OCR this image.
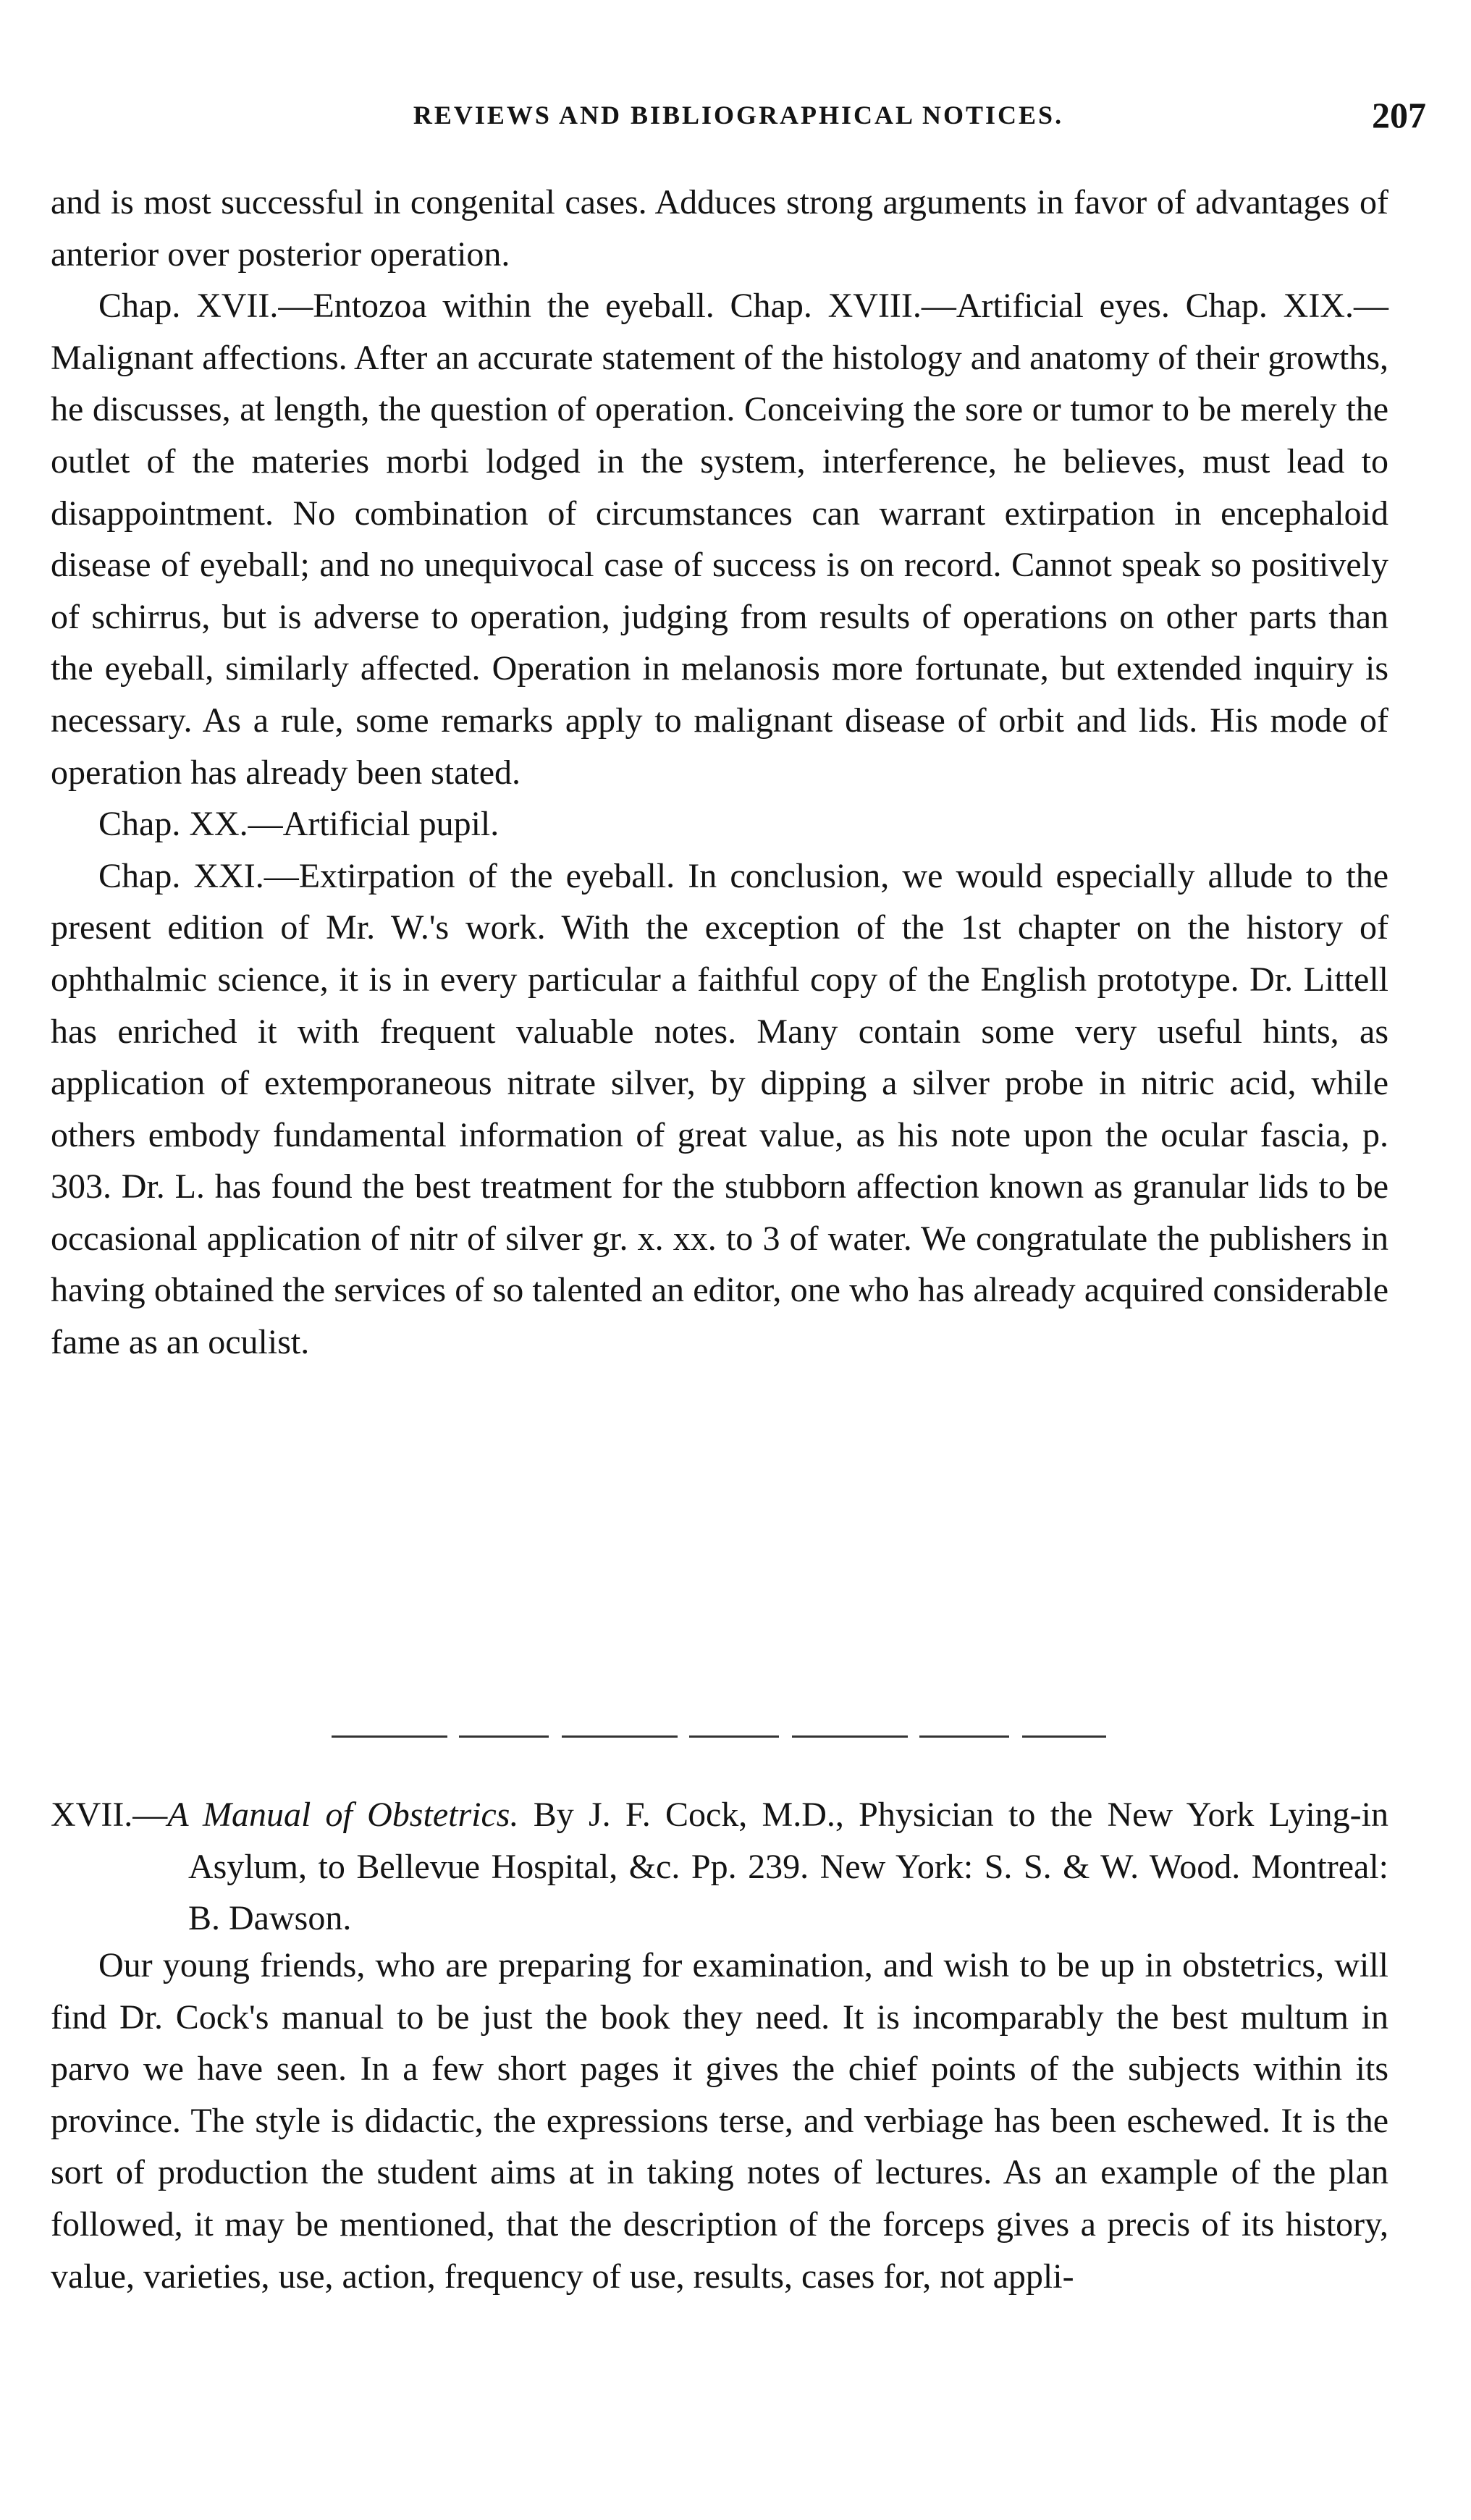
REVIEWS AND BIBLIOGRAPHICAL NOTICES.	207

and is most successful in congenital cases. Adduces strong arguments in favor of advantages of anterior over posterior operation.

Chap. XVII.—Entozoa within the eyeball. Chap. XVIII.—Artificial eyes. Chap. XIX.—Malignant affections. After an accurate statement of the histology and anatomy of their growths, he discusses, at length, the question of operation. Conceiving the sore or tumor to be merely the outlet of the materies morbi lodged in the system, interference, he believes, must lead to disappointment. No combination of circumstances can warrant extirpation in encephaloid disease of eyeball; and no unequivocal case of success is on record. Cannot speak so positively of schirrus, but is adverse to operation, judging from results of operations on other parts than the eyeball, similarly affected. Operation in melanosis more fortunate, but extended inquiry is necessary. As a rule, some remarks apply to malignant disease of orbit and lids. His mode of operation has already been stated.

Chap. XX.—Artificial pupil.

Chap. XXI.—Extirpation of the eyeball. In conclusion, we would especially allude to the present edition of Mr. W.'s work. With the exception of the 1st chapter on the history of ophthalmic science, it is in every particular a faithful copy of the English prototype. Dr. Littell has enriched it with frequent valuable notes. Many contain some very useful hints, as application of extemporaneous nitrate silver, by dipping a silver probe in nitric acid, while others embody fundamental information of great value, as his note upon the ocular fascia, p. 303. Dr. L. has found the best treatment for the stubborn affection known as granular lids to be occasional application of nitr of silver gr. x. xx. to 3 of water. We congratulate the publishers in having obtained the services of so talented an editor, one who has already acquired considerable fame as an oculist.

XVII.—A Manual of Obstetrics. By J. F. Cock, M.D., Physician to the New York Lying-in Asylum, to Bellevue Hospital, &c. Pp. 239. New York: S. S. & W. Wood. Montreal: B. Dawson.

Our young friends, who are preparing for examination, and wish to be up in obstetrics, will find Dr. Cock's manual to be just the book they need. It is incomparably the best multum in parvo we have seen. In a few short pages it gives the chief points of the subjects within its province. The style is didactic, the expressions terse, and verbiage has been eschewed. It is the sort of production the student aims at in taking notes of lectures. As an example of the plan followed, it may be mentioned, that the description of the forceps gives a precis of its history, value, varieties, use, action, frequency of use, results, cases for, not appli-
